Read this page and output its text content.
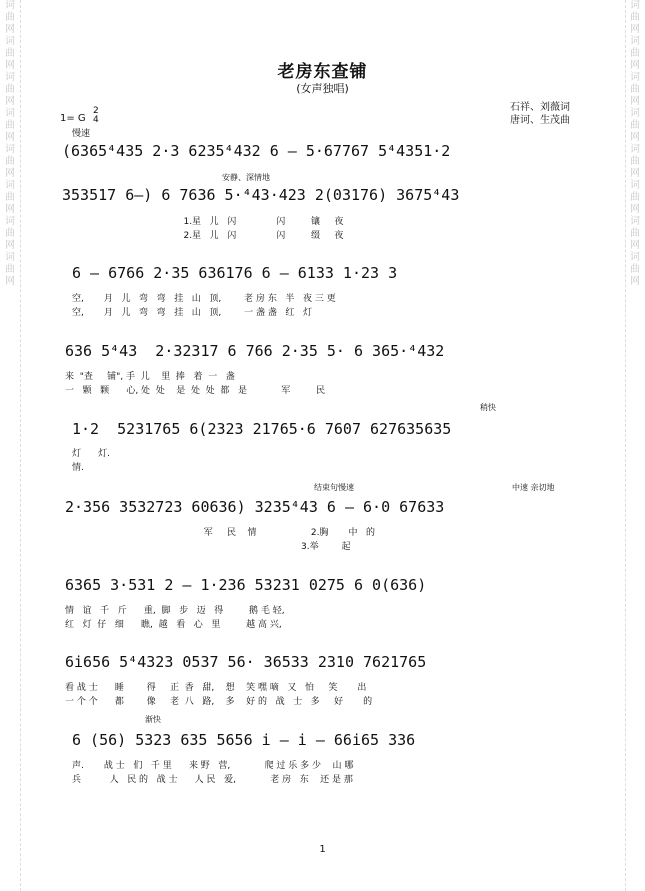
词曲网 词曲网 词曲网 词曲网 词曲网 词曲网 词曲网 词曲网
词曲网 词曲网 词曲网 词曲网 词曲网 词曲网 词曲网 词曲网
老房东查铺
(女声独唱)
石祥、刘薇词
唐诃、生茂曲
1= G
2
4
慢速
(6365⁴435 2·3 6235⁴432 6 – 5·67767 5⁴4351·2
安静、深情地
353517 6–) 6 7636 5·⁴43·423 2(03176) 3675⁴43
1.星   儿   闪              闪         镶     夜
2.星   儿   闪              闪         缀     夜
6 – 6766 2·35 636176 6 – 6133 1·23 3
空,       月   儿   弯   弯   挂   山   顶,        老 房 东   半   夜 三 更
空,       月   儿   弯   弯   挂   山   顶,        一 盏 盏   红   灯
636 5⁴43  2·32317 6 766 2·35 5· 6 365·⁴432
来  "查     铺", 手  儿    里  捧   着  一   盏
一   颗   颗      心, 处  处    是  处  处  都   是            军         民
稍快
1·2  5231765 6(2323 21765·6 7607 627635635
灯      灯.
情.
结束句慢速	中速 亲切地
2·356 3532723 60636) 3235⁴43 6 – 6·0 67633
军     民    情                   2.胸       中   的
3.举        起
6365 3·531 2 – 1·236 53231 0275 6 0(636)
情   谊   千   斤      重,  脚   步   迈   得         鹅 毛 轻,
红   灯  仔   细      瞧,  越   看   心   里         越 高 兴,
6i656 5⁴4323 0537 56· 36533 2310 7621765
看 战 士      睡        得     正  香   甜,    想    笑 嘿 嘀   又   怕     笑       出
一 个 个      都        像     老  八   路,    多    好 的   战   士   多     好       的
渐快
6 (56) 5323 635 5656 i – i – 66i65 336
声.       战 士   们   千 里      来 野   营,            爬 过 乐 多 少    山 哪
兵          人   民 的   战 士      人 民   爱,            老 房   东    还 是 那
1
